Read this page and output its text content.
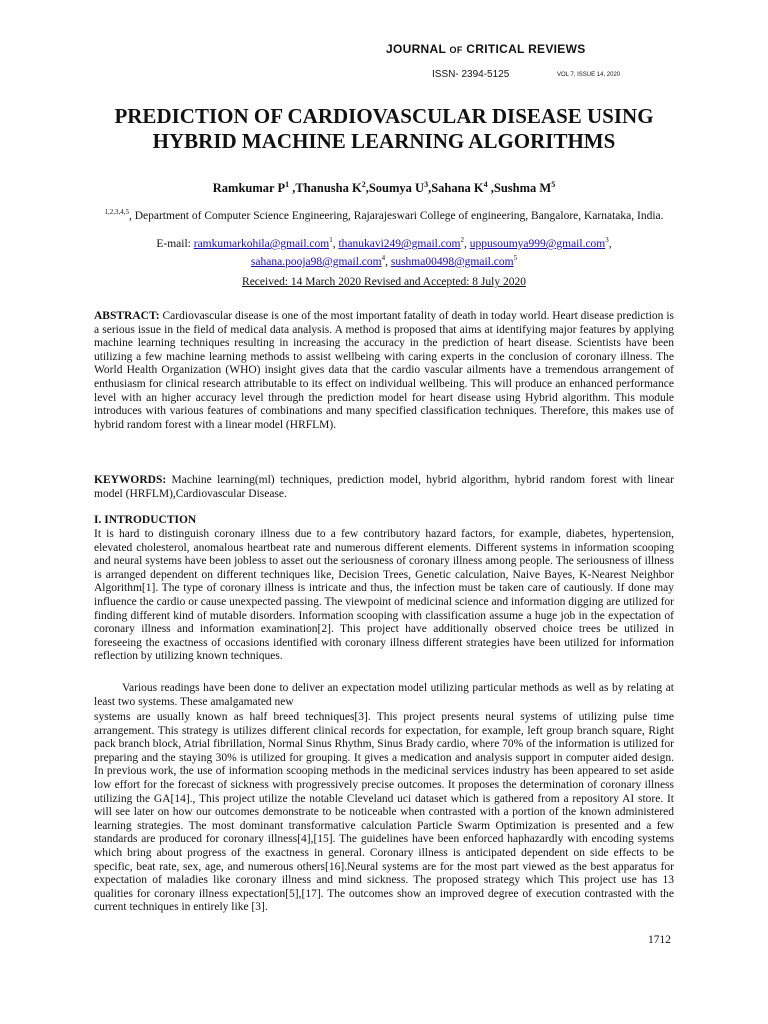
JOURNAL OF CRITICAL REVIEWS
ISSN- 2394-5125	VOL 7, ISSUE 14, 2020
PREDICTION OF CARDIOVASCULAR DISEASE USING HYBRID MACHINE LEARNING ALGORITHMS
Ramkumar $P^1$ ,Thanusha $K^2,Soumya$ $U^3,Sahana$ $K^4$ ,Sushma $M^5$
$^{1,2,3,4,5}$, Department of Computer Science Engineering, Rajarajeswari College of engineering, Bangalore, Karnataka, India.
E-mail: ramkumarkohila@gmail.com$^1$, thanukavi249@gmail.com$^2$, uppusoumya999@gmail.com$^3$,
sahana.pooja98@gmail.com$^4$, sushma00498@gmail.com$^5$
Received: 14 March 2020 Revised and Accepted: 8 July 2020
ABSTRACT: Cardiovascular disease is one of the most important fatality of death in today world. Heart disease prediction is a serious issue in the field of medical data analysis. A method is proposed that aims at identifying major features by applying machine learning techniques resulting in increasing the accuracy in the prediction of heart disease. Scientists have been utilizing a few machine learning methods to assist wellbeing with caring experts in the conclusion of coronary illness. The World Health Organization (WHO) insight gives data that the cardio vascular ailments have a tremendous arrangement of enthusiasm for clinical research attributable to its effect on individual wellbeing. This will produce an enhanced performance level with an higher accuracy level through the prediction model for heart disease using Hybrid algorithm. This module introduces with various features of combinations and many specified classification techniques. Therefore, this makes use of hybrid random forest with a linear model (HRFLM).
KEYWORDS: Machine learning(ml) techniques, prediction model, hybrid algorithm, hybrid random forest with linear model (HRFLM),Cardiovascular Disease.
I. INTRODUCTION
It is hard to distinguish coronary illness due to a few contributory hazard factors, for example, diabetes, hypertension, elevated cholesterol, anomalous heartbeat rate and numerous different elements. Different systems in information scooping and neural systems have been jobless to asset out the seriousness of coronary illness among people. The seriousness of illness is arranged dependent on different techniques like, Decision Trees, Genetic calculation, Naive Bayes, K-Nearest Neighbor Algorithm[1]. The type of coronary illness is intricate and thus, the infection must be taken care of cautiously. If done may influence the cardio or cause unexpected passing. The viewpoint of medicinal science and information digging are utilized for finding different kind of mutable disorders. Information scooping with classification assume a huge job in the expectation of coronary illness and information examination[2]. This project have additionally observed choice trees be utilized in foreseeing the exactness of occasions identified with coronary illness different strategies have been utilized for information reflection by utilizing known techniques.
Various readings have been done to deliver an expectation model utilizing particular methods as well as by relating at least two systems. These amalgamated new
systems are usually known as half breed techniques[3]. This project presents neural systems of utilizing pulse time arrangement. This strategy is utilizes different clinical records for expectation, for example, left group branch square, Right pack branch block, Atrial fibrillation, Normal Sinus Rhythm, Sinus Brady cardio, where 70% of the information is utilized for preparing and the staying 30% is utilized for grouping. It gives a medication and analysis support in computer aided design. In previous work, the use of information scooping methods in the medicinal services industry has been appeared to set aside low effort for the forecast of sickness with progressively precise outcomes. It proposes the determination of coronary illness utilizing the GA[14]., This project utilize the notable Cleveland uci dataset which is gathered from a repository AI store. It will see later on how our outcomes demonstrate to be noticeable when contrasted with a portion of the known administered learning strategies. The most dominant transformative calculation Particle Swarm Optimization is presented and a few standards are produced for coronary illness[4],[15]. The guidelines have been enforced haphazardly with encoding systems which bring about progress of the exactness in general. Coronary illness is anticipated dependent on side effects to be specific, beat rate, sex, age, and numerous others[16].Neural systems are for the most part viewed as the best apparatus for expectation of maladies like coronary illness and mind sickness. The proposed strategy which This project use has 13 qualities for coronary illness expectation[5],[17]. The outcomes show an improved degree of execution contrasted with the current techniques in entirely like [3].
1712
